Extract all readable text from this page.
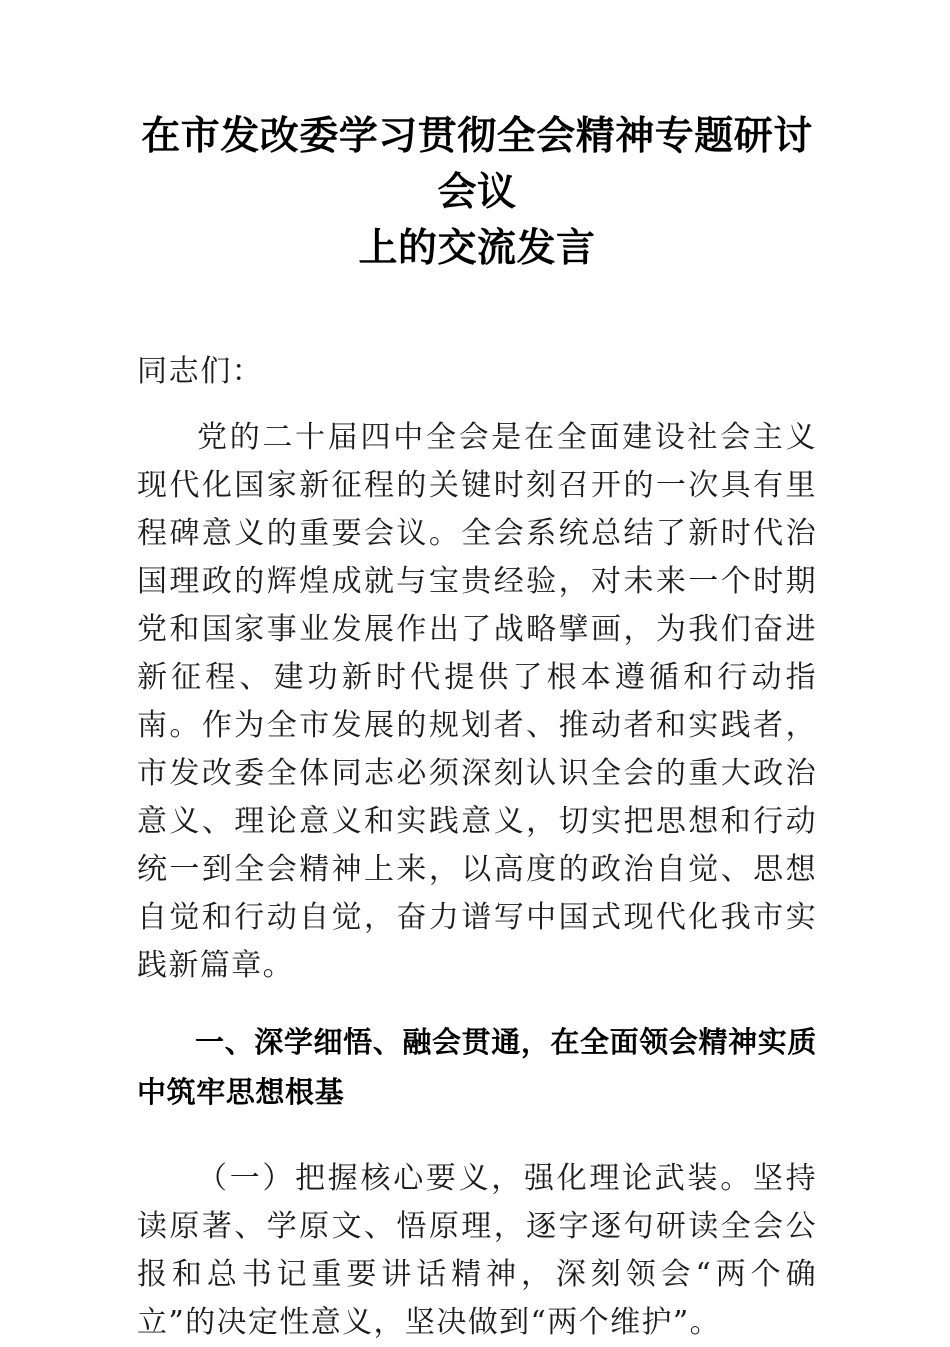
在市发改委学习贯彻全会精神专题研讨会议
上的交流发言

同志们：

党的二十届四中全会是在全面建设社会主义现代化国家新征程的关键时刻召开的一次具有里程碑意义的重要会议。全会系统总结了新时代治国理政的辉煌成就与宝贵经验，对未来一个时期党和国家事业发展作出了战略擘画，为我们奋进新征程、建功新时代提供了根本遵循和行动指南。作为全市发展的规划者、推动者和实践者，市发改委全体同志必须深刻认识全会的重大政治意义、理论意义和实践意义，切实把思想和行动统一到全会精神上来，以高度的政治自觉、思想自觉和行动自觉，奋力谱写中国式现代化我市实践新篇章。

一、深学细悟、融会贯通，在全面领会精神实质中筑牢思想根基

（一）把握核心要义，强化理论武装。坚持读原著、学原文、悟原理，逐字逐句研读全会公报和总书记重要讲话精神，深刻领会“两个确立”的决定性意义，坚决做到“两个维护”。
